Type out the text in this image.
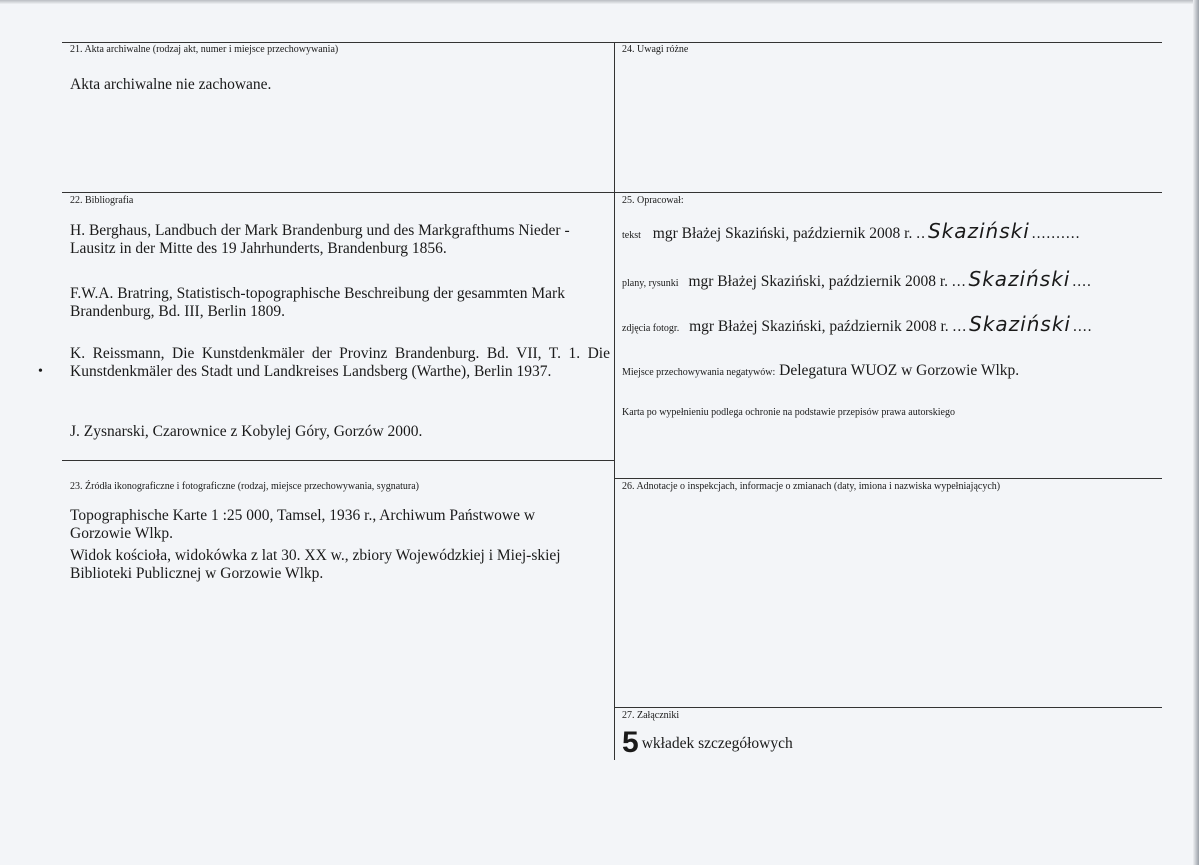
21. Akta archiwalne (rodzaj akt, numer i miejsce przechowywania)
Akta archiwalne nie zachowane.
24. Uwagi różne
22. Bibliografia
H. Berghaus, Landbuch der Mark Brandenburg und des Markgrafthums Nieder - Lausitz in der Mitte des 19 Jahrhunderts, Brandenburg 1856.
F.W.A. Bratring, Statistisch-topographische Beschreibung der gesammten Mark Brandenburg, Bd. III, Berlin 1809.
K. Reissmann, Die Kunstdenkmäler der Provinz Brandenburg. Bd. VII, T. 1. Die Kunstdenkmäler des Stadt und Landkreises Landsberg (Warthe), Berlin 1937.
•
J. Zysnarski, Czarownice z Kobylej Góry, Gorzów 2000.
23. Źródła ikonograficzne i fotograficzne (rodzaj, miejsce przechowywania, sygnatura)
Topographische Karte 1 :25 000, Tamsel, 1936 r., Archiwum Państwowe w Gorzowie Wlkp.
Widok kościoła, widokówka z lat 30. XX w., zbiory Wojewódzkiej i Miej-skiej Biblioteki Publicznej w Gorzowie Wlkp.
25. Opracował:
tekst mgr Błażej Skaziński, październik 2008 r. .. Skaziński ..........
plany, rysunki mgr Błażej Skaziński, październik 2008 r. ... Skaziński ....
zdjęcia fotogr. mgr Błażej Skaziński, październik 2008 r. ... Skaziński ....
Miejsce przechowywania negatywów: Delegatura WUOZ w Gorzowie Wlkp.
Karta po wypełnieniu podlega ochronie na podstawie przepisów prawa autorskiego
26. Adnotacje o inspekcjach, informacje o zmianach (daty, imiona i nazwiska wypełniających)
27. Załączniki
5 wkładek szczegółowych
